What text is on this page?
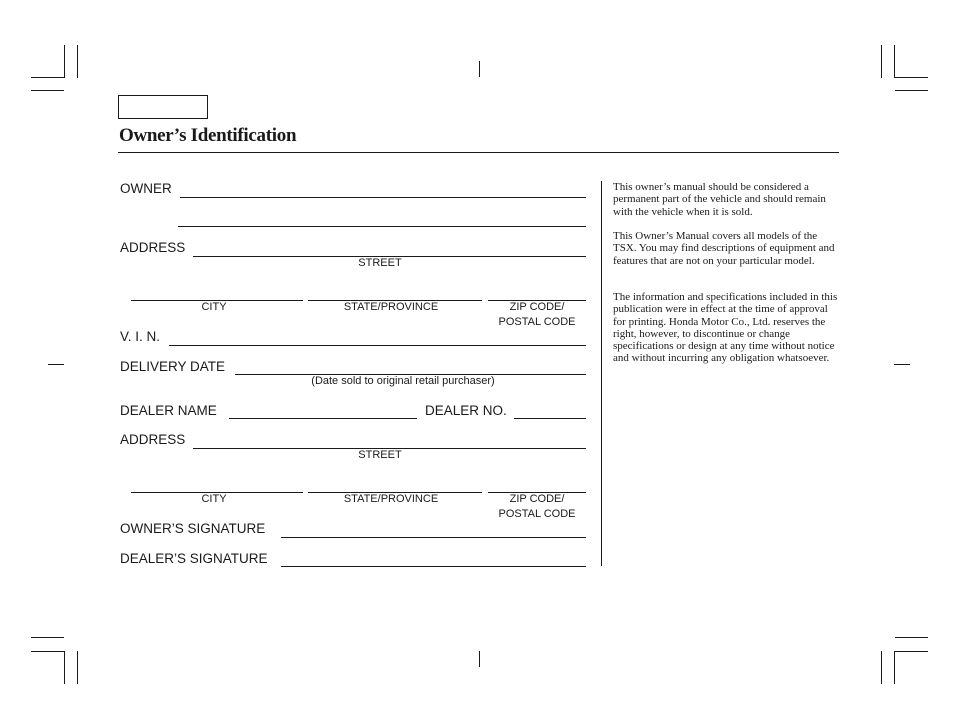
Owner’s Identification
OWNER
ADDRESS
STREET
CITY	STATE/PROVINCE	ZIP CODE/
POSTAL CODE
V. I. N.
DELIVERY DATE
(Date sold to original retail purchaser)
DEALER NAME	DEALER NO.
ADDRESS
STREET
CITY	STATE/PROVINCE	ZIP CODE/
POSTAL CODE
OWNER’S SIGNATURE
DEALER’S SIGNATURE

This owner’s manual should be considered a permanent part of the vehicle and should remain with the vehicle when it is sold.

This Owner’s Manual covers all models of the TSX. You may find descriptions of equipment and features that are not on your particular model.

The information and specifications included in this publication were in effect at the time of approval for printing. Honda Motor Co., Ltd. reserves the right, however, to discontinue or change specifications or design at any time without notice and without incurring any obligation whatsoever.
